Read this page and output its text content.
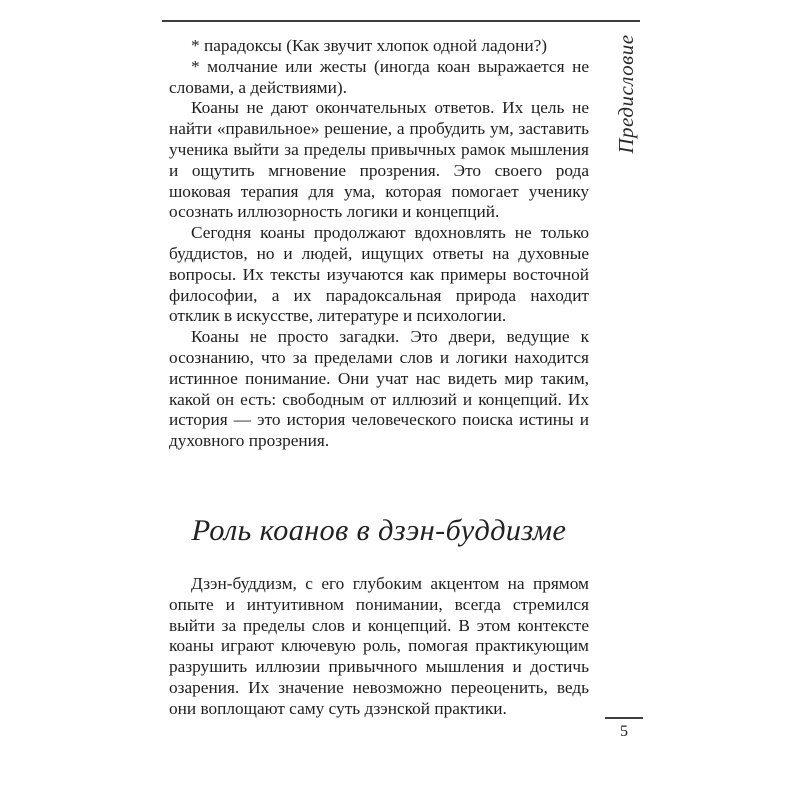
Предисловие

* парадоксы (Как звучит хлопок одной ладони?)

* молчание или жесты (иногда коан выражается не словами, а действиями).

Коаны не дают окончательных ответов. Их цель не найти «правильное» решение, а пробудить ум, заставить ученика выйти за пределы привычных рамок мышления и ощутить мгновение прозрения. Это своего рода шоковая терапия для ума, которая помогает ученику осознать иллюзорность логики и концепций.

Сегодня коаны продолжают вдохновлять не только буддистов, но и людей, ищущих ответы на духовные вопросы. Их тексты изучаются как примеры восточной философии, а их парадоксальная природа находит отклик в искусстве, литературе и психологии.

Коаны не просто загадки. Это двери, ведущие к осознанию, что за пределами слов и логики находится истинное понимание. Они учат нас видеть мир таким, какой он есть: свободным от иллюзий и концепций. Их история — это история человеческого поиска истины и духовного прозрения.

Роль коанов в дзэн-буддизме

Дзэн-буддизм, с его глубоким акцентом на прямом опыте и интуитивном понимании, всегда стремился выйти за пределы слов и концепций. В этом контексте коаны играют ключевую роль, помогая практикующим разрушить иллюзии привычного мышления и достичь озарения. Их значение невозможно переоценить, ведь они воплощают саму суть дзэнской практики.

5
